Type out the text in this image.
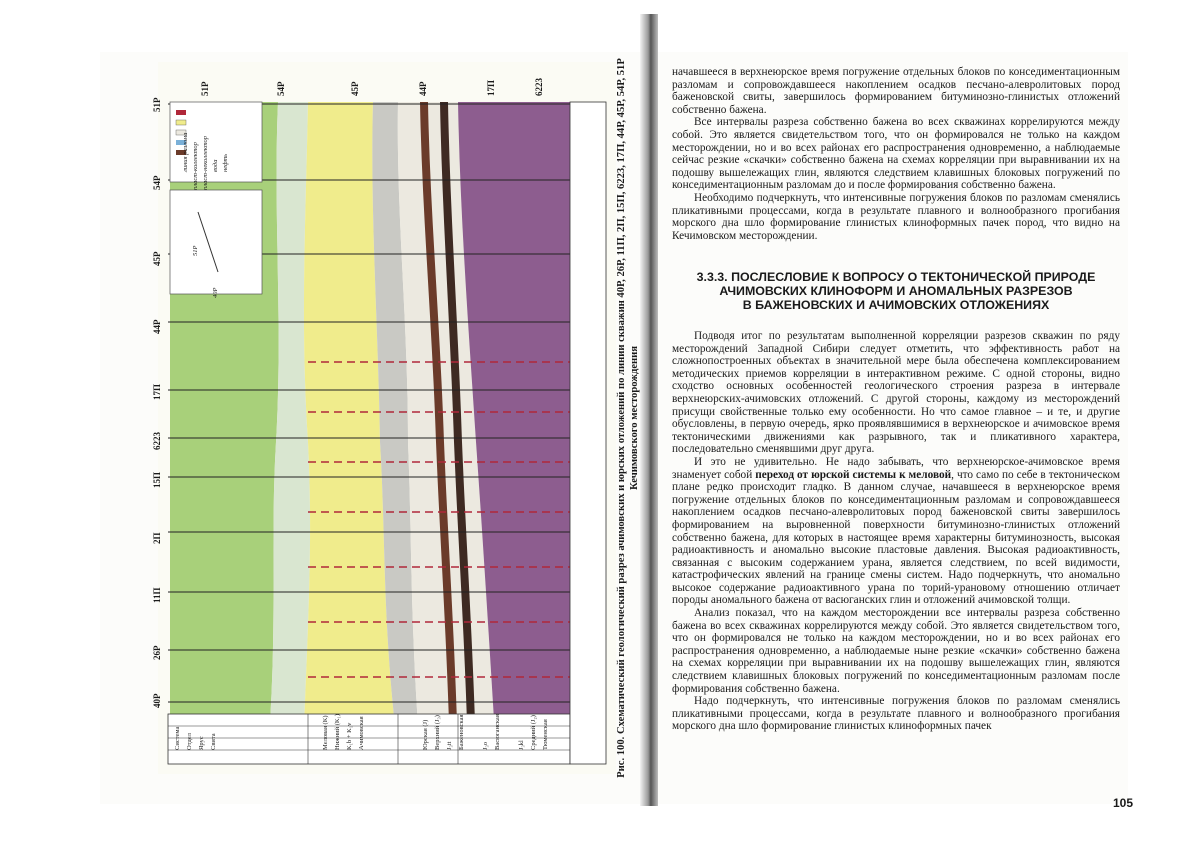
51P	54P	45P	44P	17П	6223
51P
54P
45P
44P
17П
6223
15П
2П
11П
26P
40P
Система Отдел Ярус Свита	Меловая (K) Нижний (K₁) K₁b + K₁v Ачимовская	Юрская (J) Верхний (J₃) J₃tt Баженовская	J₃o Васюганская	J₃kl Средний (J₂) Тюменская
линия разлома пласт-коллектор пласт-неколлектор вода нефть
51P
40P	Рис. 100. Схематический геологический разрез ачимовских и юрских отложений по линии скважин 40Р, 26Р, 11П, 2П, 15П, 6223, 17П, 44Р, 45Р, 54Р, 51Р Кечимовского месторождения

начавшееся в верхнеюрское время погружение отдельных блоков по конседиментационным разломам и сопровождавшееся накоплением осадков песчано-алевролитовых пород баженовской свиты, завершилось формированием битуминозно-глинистых отложений собственно бажена.

Все интервалы разреза собственно бажена во всех скважинах коррелируются между собой. Это является свидетельством того, что он формировался не только на каждом месторождении, но и во всех районах его распространения одновременно, а наблюдаемые сейчас резкие «скачки» собственно бажена на схемах корреляции при выравнивании их на подошву вышележащих глин, являются следствием клавишных блоковых погружений по конседиментационным разломам до и после формирования собственно бажена.

Необходимо подчеркнуть, что интенсивные погружения блоков по разломам сменялись пликативными процессами, когда в результате плавного и волнообразного прогибания морского дна шло формирование глинистых клиноформных пачек пород, что видно на Кечимовском месторождении.

3.3.3. ПОСЛЕСЛОВИЕ К ВОПРОСУ О ТЕКТОНИЧЕСКОЙ ПРИРОДЕ
АЧИМОВСКИХ КЛИНОФОРМ И АНОМАЛЬНЫХ РАЗРЕЗОВ
В БАЖЕНОВСКИХ И АЧИМОВСКИХ ОТЛОЖЕНИЯХ

Подводя итог по результатам выполненной корреляции разрезов скважин по ряду месторождений Западной Сибири следует отметить, что эффективность работ на сложнопостроенных объектах в значительной мере была обеспечена комплексированием методических приемов корреляции в интерактивном режиме. С одной стороны, видно сходство основных особенностей геологического строения разреза в интервале верхнеюрских-ачимовских отложений. С другой стороны, каждому из месторождений присущи свойственные только ему особенности. Но что самое главное – и те, и другие обусловлены, в первую очередь, ярко проявлявшимися в верхнеюрское и ачимовское время тектоническими движениями как разрывного, так и пликативного характера, последовательно сменявшими друг друга.

И это не удивительно. Не надо забывать, что верхнеюрское-ачимовское время знаменует собой переход от юрской системы к меловой, что само по себе в тектоническом плане редко происходит гладко. В данном случае, начавшееся в верхнеюрское время погружение отдельных блоков по конседиментационным разломам и сопровождавшееся накоплением осадков песчано-алевролитовых пород баженовской свиты завершилось формированием на выровненной поверхности битуминозно-глинистых отложений собственно бажена, для которых в настоящее время характерны битуминозность, высокая радиоактивность и аномально высокие пластовые давления. Высокая радиоактивность, связанная с высоким содержанием урана, является следствием, по всей видимости, катастрофических явлений на границе смены систем. Надо подчеркнуть, что аномально высокое содержание радиоактивного урана по торий-урановому отношению отличает породы аномального бажена от васюганских глин и отложений ачимовской толщи.

Анализ показал, что на каждом месторождении все интервалы разреза собственно бажена во всех скважинах коррелируются между собой. Это является свидетельством того, что он формировался не только на каждом месторождении, но и во всех районах его распространения одновременно, а наблюдаемые ныне резкие «скачки» собственно бажена на схемах корреляции при выравнивании их на подошву вышележащих глин, являются следствием клавишных блоковых погружений по конседиментационным разломам после формирования собственно бажена.

Надо подчеркнуть, что интенсивные погружения блоков по разломам сменялись пликативными процессами, когда в результате плавного и волнообразного прогибания морского дна шло формирование глинистых клиноформных пачек

105
